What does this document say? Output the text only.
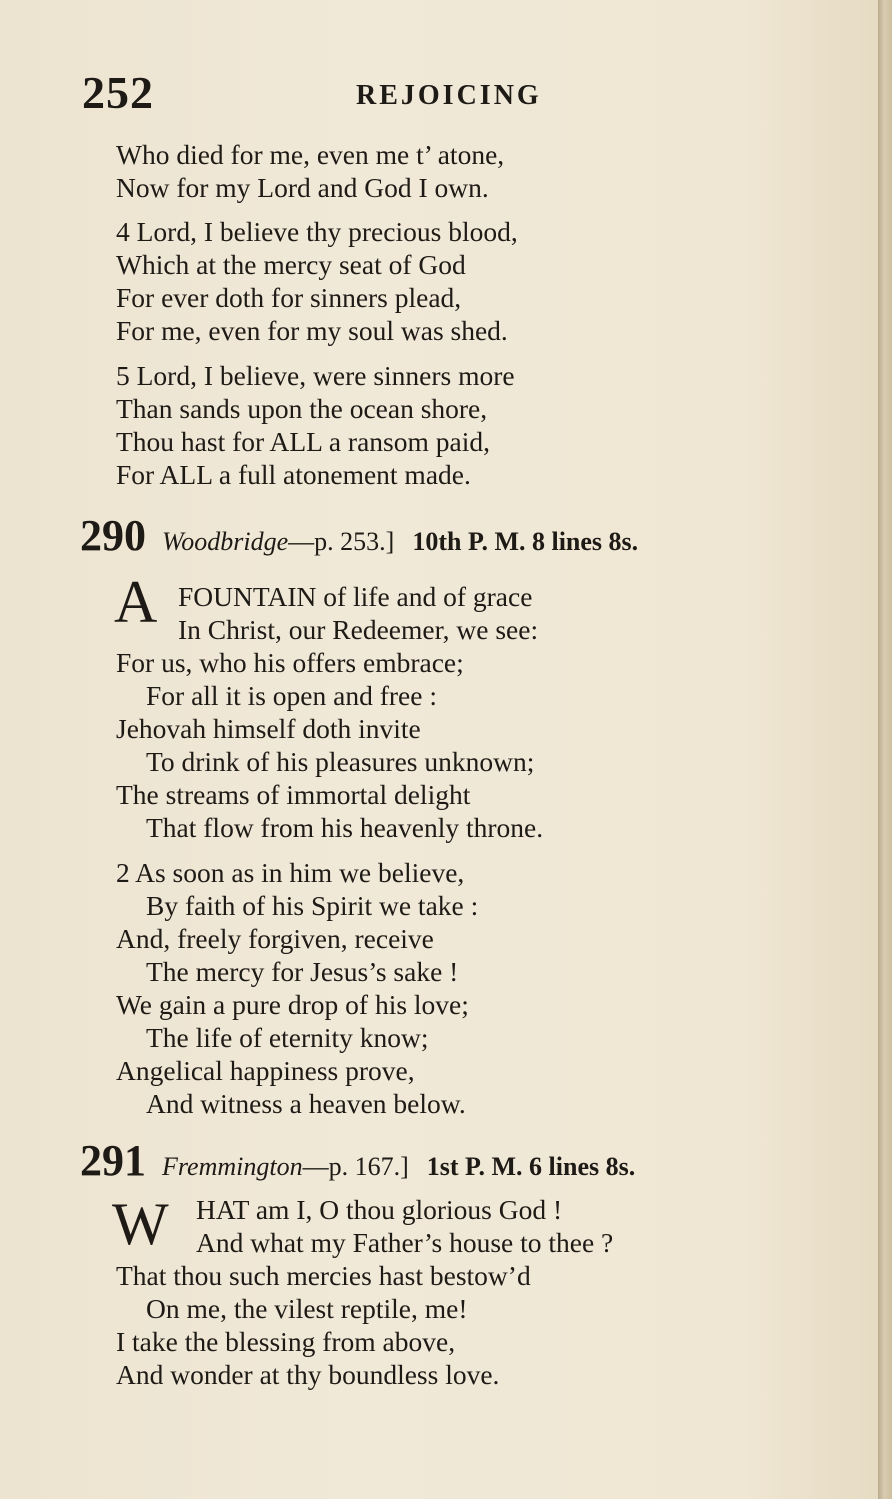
252	REJOICING
Who died for me, even me t’ atone,
Now for my Lord and God I own.
4 Lord, I believe thy precious blood,
Which at the mercy seat of God
For ever doth for sinners plead,
For me, even for my soul was shed.
5 Lord, I believe, were sinners more
Than sands upon the ocean shore,
Thou hast for ALL a ransom paid,
For ALL a full atonement made.
290 Woodbridge—p. 253.] 10th P. M. 8 lines 8s.
A FOUNTAIN of life and of grace
In Christ, our Redeemer, we see:
For us, who his offers embrace;
For all it is open and free :
Jehovah himself doth invite
To drink of his pleasures unknown;
The streams of immortal delight
That flow from his heavenly throne.
2 As soon as in him we believe,
By faith of his Spirit we take :
And, freely forgiven, receive
The mercy for Jesus’s sake !
We gain a pure drop of his love;
The life of eternity know;
Angelical happiness prove,
And witness a heaven below.
291 Fremmington—p. 167.] 1st P. M. 6 lines 8s.
W HAT am I, O thou glorious God !
And what my Father’s house to thee ?
That thou such mercies hast bestow’d
On me, the vilest reptile, me!
I take the blessing from above,
And wonder at thy boundless love.
